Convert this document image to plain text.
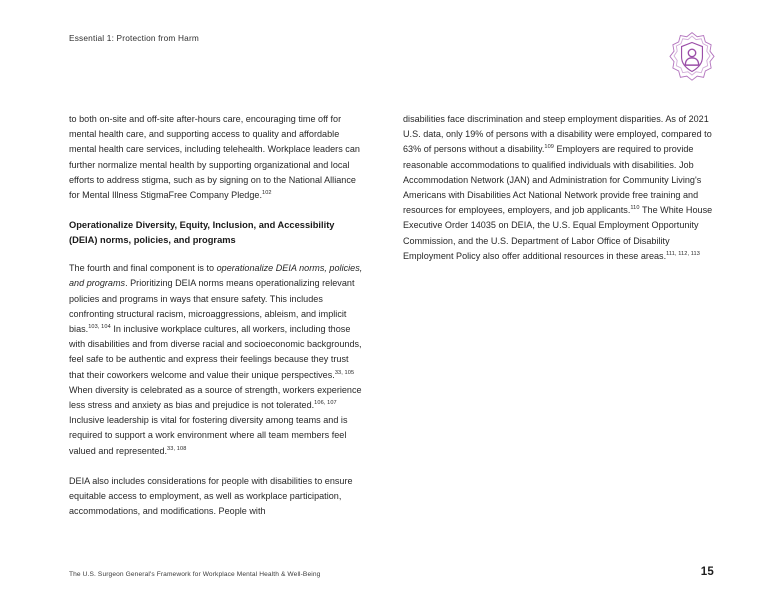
Essential 1: Protection from Harm

to both on-site and off-site after-hours care, encouraging time off for mental health care, and supporting access to quality and affordable mental health care services, including telehealth. Workplace leaders can further normalize mental health by supporting organizational and local efforts to address stigma, such as by signing on to the National Alliance for Mental Illness StigmaFree Company Pledge.$^{102}$

Operationalize Diversity, Equity, Inclusion, and Accessibility (DEIA) norms, policies, and programs

The fourth and final component is to operationalize DEIA norms, policies, and programs. Prioritizing DEIA norms means operationalizing relevant policies and programs in ways that ensure safety. This includes confronting structural racism, microaggressions, ableism, and implicit bias.$^{103, 104}$ In inclusive workplace cultures, all workers, including those with disabilities and from diverse racial and socioeconomic backgrounds, feel safe to be authentic and express their feelings because they trust that their coworkers welcome and value their unique perspectives.$^{33, 105}$ When diversity is celebrated as a source of strength, workers experience less stress and anxiety as bias and prejudice is not tolerated.$^{106, 107}$ Inclusive leadership is vital for fostering diversity among teams and is required to support a work environment where all team members feel valued and represented.$^{33, 108}$

DEIA also includes considerations for people with disabilities to ensure equitable access to employment, as well as workplace participation, accommodations, and modifications. People with

disabilities face discrimination and steep employment disparities. As of 2021 U.S. data, only 19% of persons with a disability were employed, compared to 63% of persons without a disability.$^{109}$ Employers are required to provide reasonable accommodations to qualified individuals with disabilities. Job Accommodation Network (JAN) and Administration for Community Living's Americans with Disabilities Act National Network provide free training and resources for employees, employers, and job applicants.$^{110}$ The White House Executive Order 14035 on DEIA, the U.S. Equal Employment Opportunity Commission, and the U.S. Department of Labor Office of Disability Employment Policy also offer additional resources in these areas.$^{111, 112, 113}$

The U.S. Surgeon General's Framework for Workplace Mental Health & Well-Being	15
